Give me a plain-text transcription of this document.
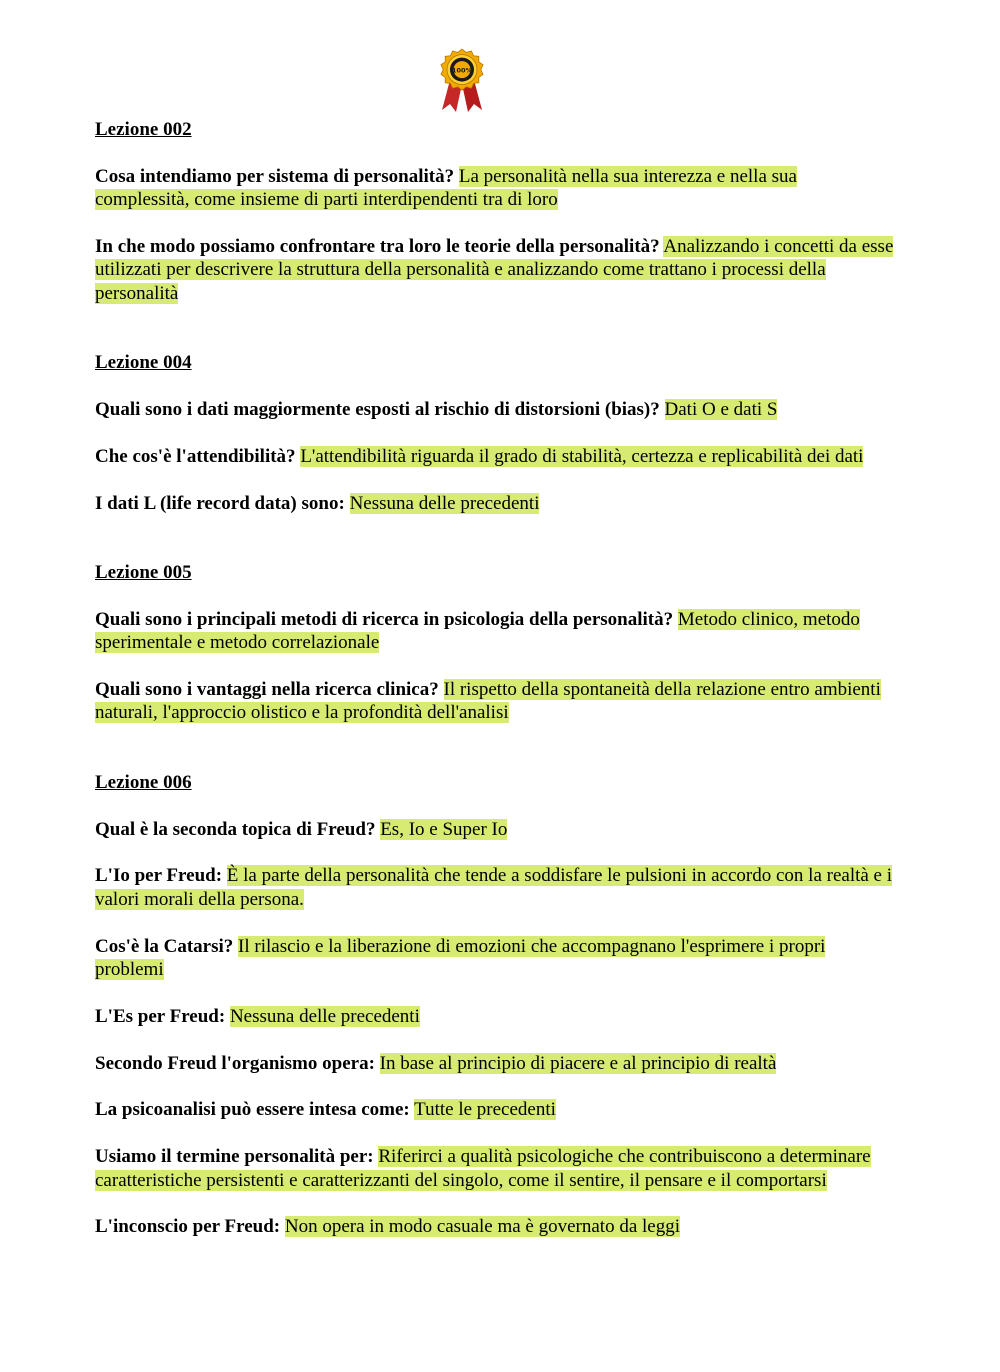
100%
Lezione 002

Cosa intendiamo per sistema di personalità? La personalità nella sua interezza e nella sua complessità, come insieme di parti interdipendenti tra di loro

In che modo possiamo confrontare tra loro le teorie della personalità? Analizzando i concetti da esse utilizzati per descrivere la struttura della personalità e analizzando come trattano i processi della personalità

Lezione 004

Quali sono i dati maggiormente esposti al rischio di distorsioni (bias)? Dati O e dati S

Che cos'è l'attendibilità? L'attendibilità riguarda il grado di stabilità, certezza e replicabilità dei dati

I dati L (life record data) sono: Nessuna delle precedenti

Lezione 005

Quali sono i principali metodi di ricerca in psicologia della personalità? Metodo clinico, metodo sperimentale e metodo correlazionale

Quali sono i vantaggi nella ricerca clinica? Il rispetto della spontaneità della relazione entro ambienti naturali, l'approccio olistico e la profondità dell'analisi

Lezione 006

Qual è la seconda topica di Freud? Es, Io e Super Io

L'Io per Freud: È la parte della personalità che tende a soddisfare le pulsioni in accordo con la realtà e i valori morali della persona.

Cos'è la Catarsi? Il rilascio e la liberazione di emozioni che accompagnano l'esprimere i propri problemi

L'Es per Freud: Nessuna delle precedenti

Secondo Freud l'organismo opera: In base al principio di piacere e al principio di realtà

La psicoanalisi può essere intesa come: Tutte le precedenti

Usiamo il termine personalità per: Riferirci a qualità psicologiche che contribuiscono a determinare caratteristiche persistenti e caratterizzanti del singolo, come il sentire, il pensare e il comportarsi

L'inconscio per Freud: Non opera in modo casuale ma è governato da leggi
